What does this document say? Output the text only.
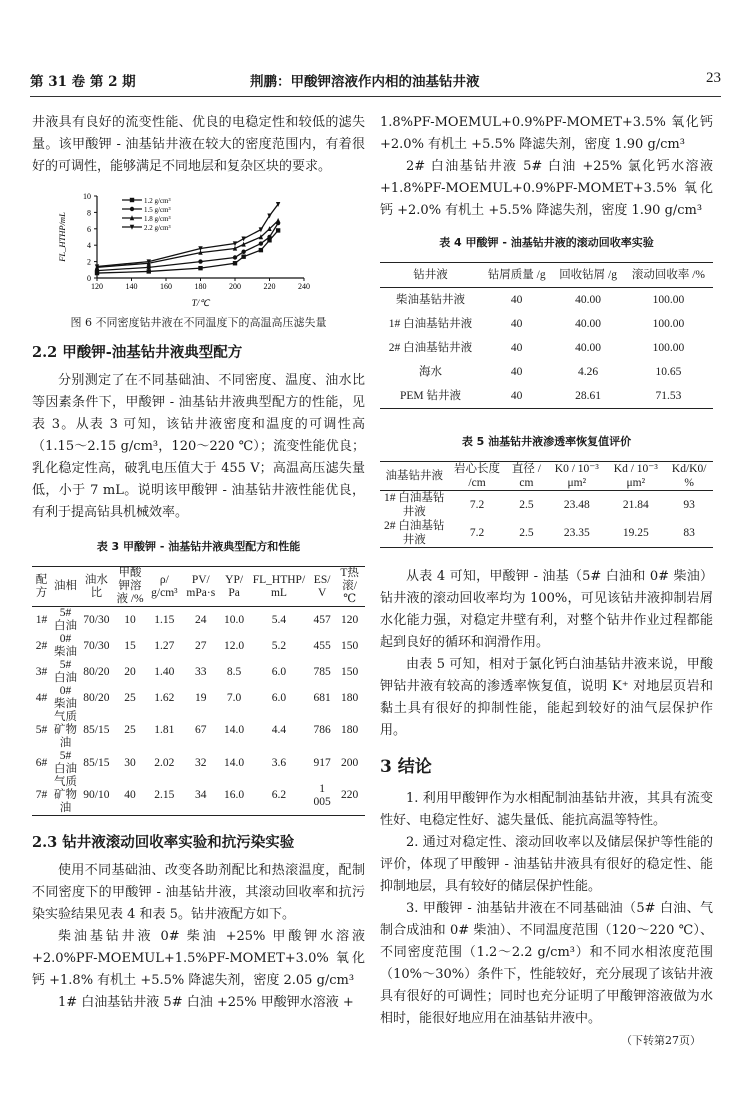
第 31 卷 第 2 期	荆鹏：甲酸钾溶液作内相的油基钻井液	23

井液具有良好的流变性能、优良的电稳定性和较低的滤失量。该甲酸钾 - 油基钻井液在较大的密度范围内，有着很好的可调性，能够满足不同地层和复杂区块的要求。

0
2
4
6
8
10
120	140	160	180	200	220	240
T/℃
FL_HTHP/mL
1.2 g/cm³
1.5 g/cm³
1.8 g/cm³
2.2 g/cm³
图 6 不同密度钻井液在不同温度下的高温高压滤失量
2.2 甲酸钾-油基钻井液典型配方

分别测定了在不同基础油、不同密度、温度、油水比等因素条件下，甲酸钾 - 油基钻井液典型配方的性能，见表 3。从表 3 可知，该钻井液密度和温度的可调性高（1.15～2.15 g/cm³，120～220 ℃）；流变性能优良；乳化稳定性高，破乳电压值大于 455 V；高温高压滤失量低，小于 7 mL。说明该甲酸钾 - 油基钻井液性能优良，有利于提高钻具机械效率。

表 3 甲酸钾 - 油基钻井液典型配方和性能
配方	油相	油水比	甲酸钾溶液 /%	ρ/ g/cm³	PV/ mPa·s	YP/ Pa	FL_HTHP/ mL	ES/ V	T热滚/ ℃
1#	5# 白油	70/30	10	1.15	24	10.0	5.4	457	120
2#	0# 柴油	70/30	15	1.27	27	12.0	5.2	455	150
3#	5# 白油	80/20	20	1.40	33	8.5	6.0	785	150
4#	0# 柴油	80/20	25	1.62	19	7.0	6.0	681	180
5#	气质矿物油	85/15	25	1.81	67	14.0	4.4	786	180
6#	5# 白油	85/15	30	2.02	32	14.0	3.6	917	200
7#	气质矿物油	90/10	40	2.15	34	16.0	6.2	1 005	220
2.3 钻井液滚动回收率实验和抗污染实验

使用不同基础油、改变各助剂配比和热滚温度，配制不同密度下的甲酸钾 - 油基钻井液，其滚动回收率和抗污染实验结果见表 4 和表 5。钻井液配方如下。

柴油基钻井液 0# 柴油 +25% 甲酸钾水溶液 +2.0%PF-MOEMUL+1.5%PF-MOMET+3.0% 氧化钙 +1.8% 有机土 +5.5% 降滤失剂，密度 2.05 g/cm³

1# 白油基钻井液 5# 白油 +25% 甲酸钾水溶液 +

1.8%PF-MOEMUL+0.9%PF-MOMET+3.5% 氧化钙 +2.0% 有机土 +5.5% 降滤失剂，密度 1.90 g/cm³

2# 白油基钻井液 5# 白油 +25% 氯化钙水溶液 +1.8%PF-MOEMUL+0.9%PF-MOMET+3.5% 氧化钙 +2.0% 有机土 +5.5% 降滤失剂，密度 1.90 g/cm³

表 4 甲酸钾 - 油基钻井液的滚动回收率实验
钻井液	钻屑质量 /g	回收钻屑 /g	滚动回收率 /%
柴油基钻井液	40	40.00	100.00
1# 白油基钻井液	40	40.00	100.00
2# 白油基钻井液	40	40.00	100.00
海水	40	4.26	10.65
PEM 钻井液	40	28.61	71.53
表 5 油基钻井液渗透率恢复值评价
油基钻井液	岩心长度 /cm	直径 / cm	K0 / 10⁻³ μm²	Kd / 10⁻³ μm²	Kd/K0/ %
1# 白油基钻井液	7.2	2.5	23.48	21.84	93
2# 白油基钻井液	7.2	2.5	23.35	19.25	83

从表 4 可知，甲酸钾 - 油基（5# 白油和 0# 柴油）钻井液的滚动回收率均为 100%，可见该钻井液抑制岩屑水化能力强，对稳定井壁有利，对整个钻井作业过程都能起到良好的循环和润滑作用。

由表 5 可知，相对于氯化钙白油基钻井液来说，甲酸钾钻井液有较高的渗透率恢复值，说明 K⁺ 对地层页岩和黏土具有很好的抑制性能，能起到较好的油气层保护作用。

3 结论

1. 利用甲酸钾作为水相配制油基钻井液，其具有流变性好、电稳定性好、滤失量低、能抗高温等特性。

2. 通过对稳定性、滚动回收率以及储层保护等性能的评价，体现了甲酸钾 - 油基钻井液具有很好的稳定性、能抑制地层，具有较好的储层保护性能。

3. 甲酸钾 - 油基钻井液在不同基础油（5# 白油、气制合成油和 0# 柴油）、不同温度范围（120～220 ℃）、不同密度范围（1.2～2.2 g/cm³）和不同水相浓度范围（10%～30%）条件下，性能较好，充分展现了该钻井液具有很好的可调性；同时也充分证明了甲酸钾溶液做为水相时，能很好地应用在油基钻井液中。

（下转第27页）
